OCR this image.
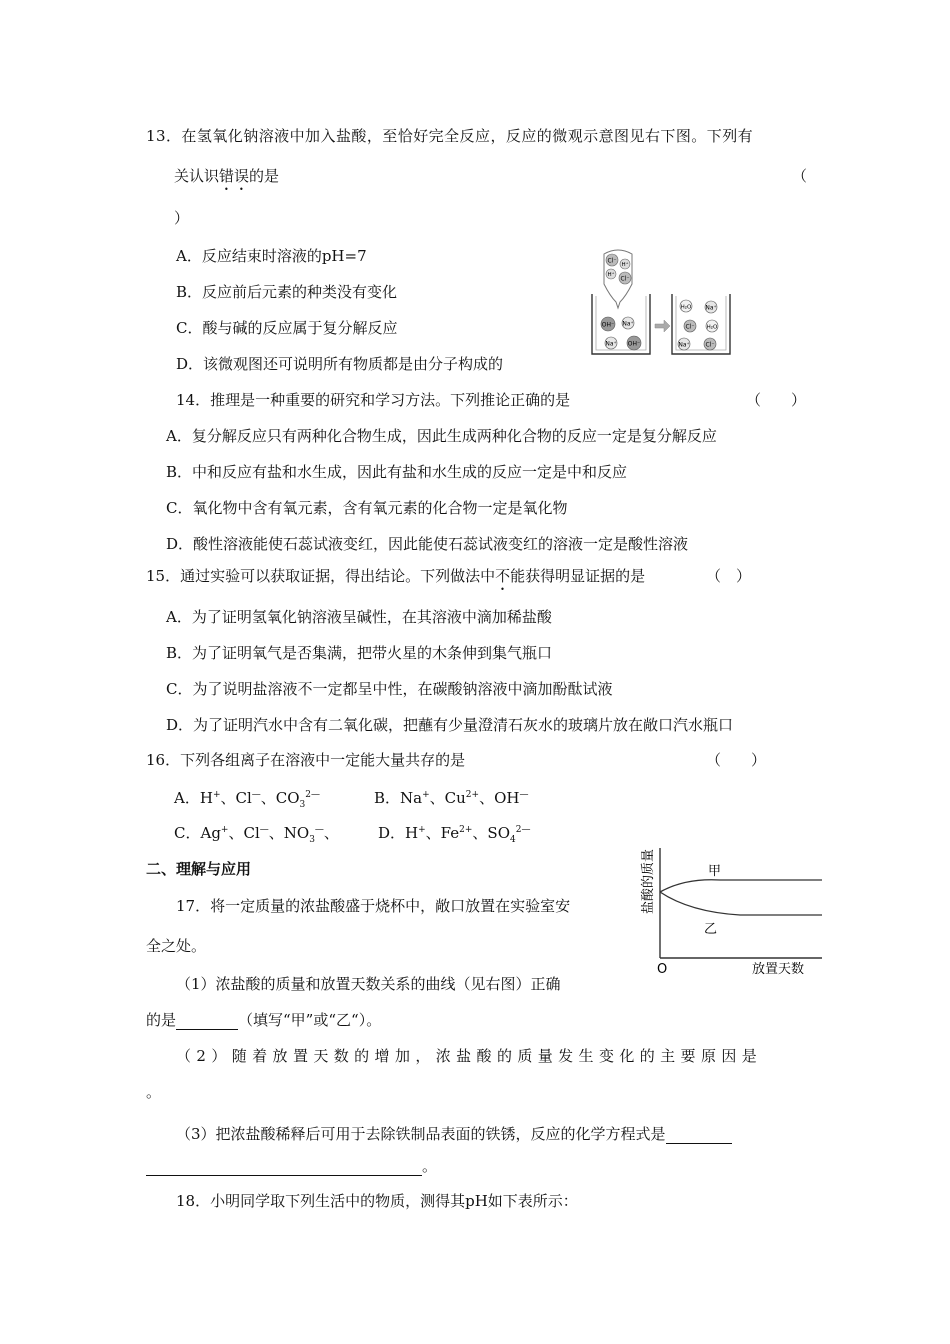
13．在氢氧化钠溶液中加入盐酸，至恰好完全反应，反应的微观示意图见右下图。下列有
关认识错误的是	（
）
A．反应结束时溶液的pH=7
B．反应前后元素的种类没有变化
C．酸与碱的反应属于复分解反应
D．该微观图还可说明所有物质都是由分子构成的
Cl⁻
H⁺
H⁺
Cl⁻
OH⁻ Na⁺
Na⁺ OH⁻
H₂O Na⁺
Cl⁻ H₂O
Na⁺	Cl⁻
14．推理是一种重要的研究和学习方法。下列推论正确的是	（　　）
A．复分解反应只有两种化合物生成，因此生成两种化合物的反应一定是复分解反应
B．中和反应有盐和水生成，因此有盐和水生成的反应一定是中和反应
C．氧化物中含有氧元素，含有氧元素的化合物一定是氧化物
D．酸性溶液能使石蕊试液变红，因此能使石蕊试液变红的溶液一定是酸性溶液
15．通过实验可以获取证据，得出结论。下列做法中不能获得明显证据的是	（　）
A．为了证明氢氧化钠溶液呈碱性，在其溶液中滴加稀盐酸
B．为了证明氧气是否集满，把带火星的木条伸到集气瓶口
C．为了说明盐溶液不一定都呈中性，在碳酸钠溶液中滴加酚酞试液
D．为了证明汽水中含有二氧化碳，把蘸有少量澄清石灰水的玻璃片放在敞口汽水瓶口
16．下列各组离子在溶液中一定能大量共存的是	（　　）
A．H+、Cl—、$CO_3^{2—}$	B．Na+、$Cu^{2+}$、OH—
C．Ag+、Cl—、$NO_3^—$、	D．H+、$Fe^{2+}$、$SO_4^{2—}$
二、理解与应用
17．将一定质量的浓盐酸盛于烧杯中，敞口放置在实验室安
全之处。
（1）浓盐酸的质量和放置天数关系的曲线（见右图）正确
的是	（填写“甲”或“乙“）。
（2）随着放置天数的增加，浓盐酸的质量发生变化的主要原因是
。
（3）把浓盐酸稀释后可用于去除铁制品表面的铁锈，反应的化学方程式是
。
甲
乙
O	放置天数
盐酸的质量
18．小明同学取下列生活中的物质，测得其pH如下表所示：
